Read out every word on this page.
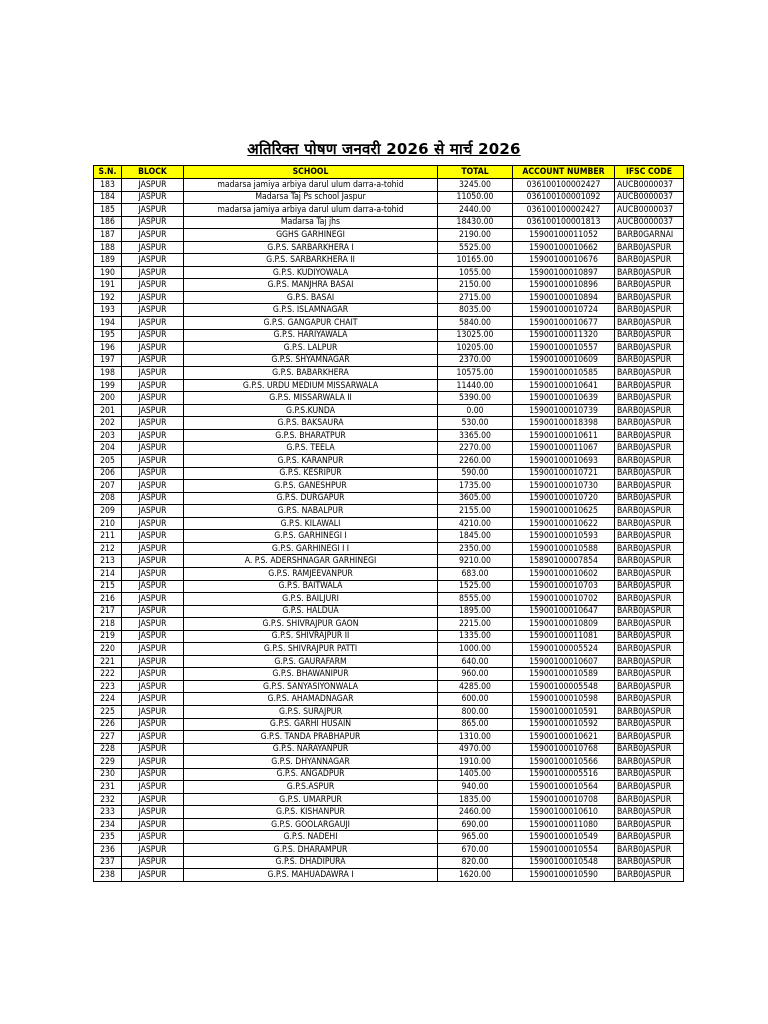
अतिरिक्त पोषण जनवरी 2026 से मार्च 2026
S.N.	BLOCK	SCHOOL	TOTAL	ACCOUNT NUMBER	IFSC CODE
183	JASPUR	madarsa jamiya arbiya darul ulum darra-a-tohid	3245.00	036100100002427	AUCB0000037
184	JASPUR	Madarsa Taj Ps school Jaspur	11050.00	036100100001092	AUCB0000037
185	JASPUR	madarsa jamiya arbiya darul ulum darra-a-tohid	2440.00	036100100002427	AUCB0000037
186	JASPUR	Madarsa Taj jhs	18430.00	036100100001813	AUCB0000037
187	JASPUR	GGHS GARHINEGI	2190.00	15900100011052	BARB0GARNAI
188	JASPUR	G.P.S. SARBARKHERA I	5525.00	15900100010662	BARB0JASPUR
189	JASPUR	G.P.S. SARBARKHERA II	10165.00	15900100010676	BARB0JASPUR
190	JASPUR	G.P.S. KUDIYOWALA	1055.00	15900100010897	BARB0JASPUR
191	JASPUR	G.P.S. MANJHRA BASAI	2150.00	15900100010896	BARB0JASPUR
192	JASPUR	G.P.S. BASAI	2715.00	15900100010894	BARB0JASPUR
193	JASPUR	G.P.S. ISLAMNAGAR	8035.00	15900100010724	BARB0JASPUR
194	JASPUR	G.P.S. GANGAPUR CHAIT	5840.00	15900100010677	BARB0JASPUR
195	JASPUR	G.P.S. HARIYAWALA	13025.00	15900100011320	BARB0JASPUR
196	JASPUR	G.P.S. LALPUR	10205.00	15900100010557	BARB0JASPUR
197	JASPUR	G.P.S. SHYAMNAGAR	2370.00	15900100010609	BARB0JASPUR
198	JASPUR	G.P.S. BABARKHERA	10575.00	15900100010585	BARB0JASPUR
199	JASPUR	G.P.S. URDU MEDIUM MISSARWALA	11440.00	15900100010641	BARB0JASPUR
200	JASPUR	G.P.S. MISSARWALA II	5390.00	15900100010639	BARB0JASPUR
201	JASPUR	G.P.S.KUNDA	0.00	15900100010739	BARB0JASPUR
202	JASPUR	G.P.S. BAKSAURA	530.00	15900100018398	BARB0JASPUR
203	JASPUR	G.P.S. BHARATPUR	3365.00	15900100010611	BARB0JASPUR
204	JASPUR	G.P.S. TEELA	2270.00	15900100011067	BARB0JASPUR
205	JASPUR	G.P.S. KARANPUR	2260.00	15900100010693	BARB0JASPUR
206	JASPUR	G.P.S. KESRIPUR	590.00	15900100010721	BARB0JASPUR
207	JASPUR	G.P.S. GANESHPUR	1735.00	15900100010730	BARB0JASPUR
208	JASPUR	G.P.S. DURGAPUR	3605.00	15900100010720	BARB0JASPUR
209	JASPUR	G.P.S. NABALPUR	2155.00	15900100010625	BARB0JASPUR
210	JASPUR	G.P.S. KILAWALI	4210.00	15900100010622	BARB0JASPUR
211	JASPUR	G.P.S. GARHINEGI I	1845.00	15900100010593	BARB0JASPUR
212	JASPUR	G.P.S. GARHINEGI I I	2350.00	15900100010588	BARB0JASPUR
213	JASPUR	A. P.S. ADERSHNAGAR GARHINEGI	9210.00	15890100007854	BARB0JASPUR
214	JASPUR	G.P.S. RAMJEEVANPUR	683.00	15900100010602	BARB0JASPUR
215	JASPUR	G.P.S. BAITWALA	1525.00	15900100010703	BARB0JASPUR
216	JASPUR	G.P.S. BAILJURI	8555.00	15900100010702	BARB0JASPUR
217	JASPUR	G.P.S. HALDUA	1895.00	15900100010647	BARB0JASPUR
218	JASPUR	G.P.S. SHIVRAJPUR GAON	2215.00	15900100010809	BARB0JASPUR
219	JASPUR	G.P.S. SHIVRAJPUR II	1335.00	15900100011081	BARB0JASPUR
220	JASPUR	G.P.S. SHIVRAJPUR PATTI	1000.00	15900100005524	BARB0JASPUR
221	JASPUR	G.P.S. GAURAFARM	640.00	15900100010607	BARB0JASPUR
222	JASPUR	G.P.S. BHAWANIPUR	960.00	15900100010589	BARB0JASPUR
223	JASPUR	G.P.S. SANYASIYONWALA	4285.00	15900100005548	BARB0JASPUR
224	JASPUR	G.P.S. AHAMADNAGAR	600.00	15900100010598	BARB0JASPUR
225	JASPUR	G.P.S. SURAJPUR	800.00	15900100010591	BARB0JASPUR
226	JASPUR	G.P.S. GARHI HUSAIN	865.00	15900100010592	BARB0JASPUR
227	JASPUR	G.P.S. TANDA PRABHAPUR	1310.00	15900100010621	BARB0JASPUR
228	JASPUR	G.P.S. NARAYANPUR	4970.00	15900100010768	BARB0JASPUR
229	JASPUR	G.P.S. DHYANNAGAR	1910.00	15900100010566	BARB0JASPUR
230	JASPUR	G.P.S. ANGADPUR	1405.00	15900100005516	BARB0JASPUR
231	JASPUR	G.P.S.ASPUR	940.00	15900100010564	BARB0JASPUR
232	JASPUR	G.P.S. UMARPUR	1835.00	15900100010708	BARB0JASPUR
233	JASPUR	G.P.S. KISHANPUR	2460.00	15900100010610	BARB0JASPUR
234	JASPUR	G.P.S. GOOLARGAUJI	690.00	15900100011080	BARB0JASPUR
235	JASPUR	G.P.S. NADEHI	965.00	15900100010549	BARB0JASPUR
236	JASPUR	G.P.S. DHARAMPUR	670.00	15900100010554	BARB0JASPUR
237	JASPUR	G.P.S. DHADIPURA	820.00	15900100010548	BARB0JASPUR
238	JASPUR	G.P.S. MAHUADAWRA I	1620.00	15900100010590	BARB0JASPUR
